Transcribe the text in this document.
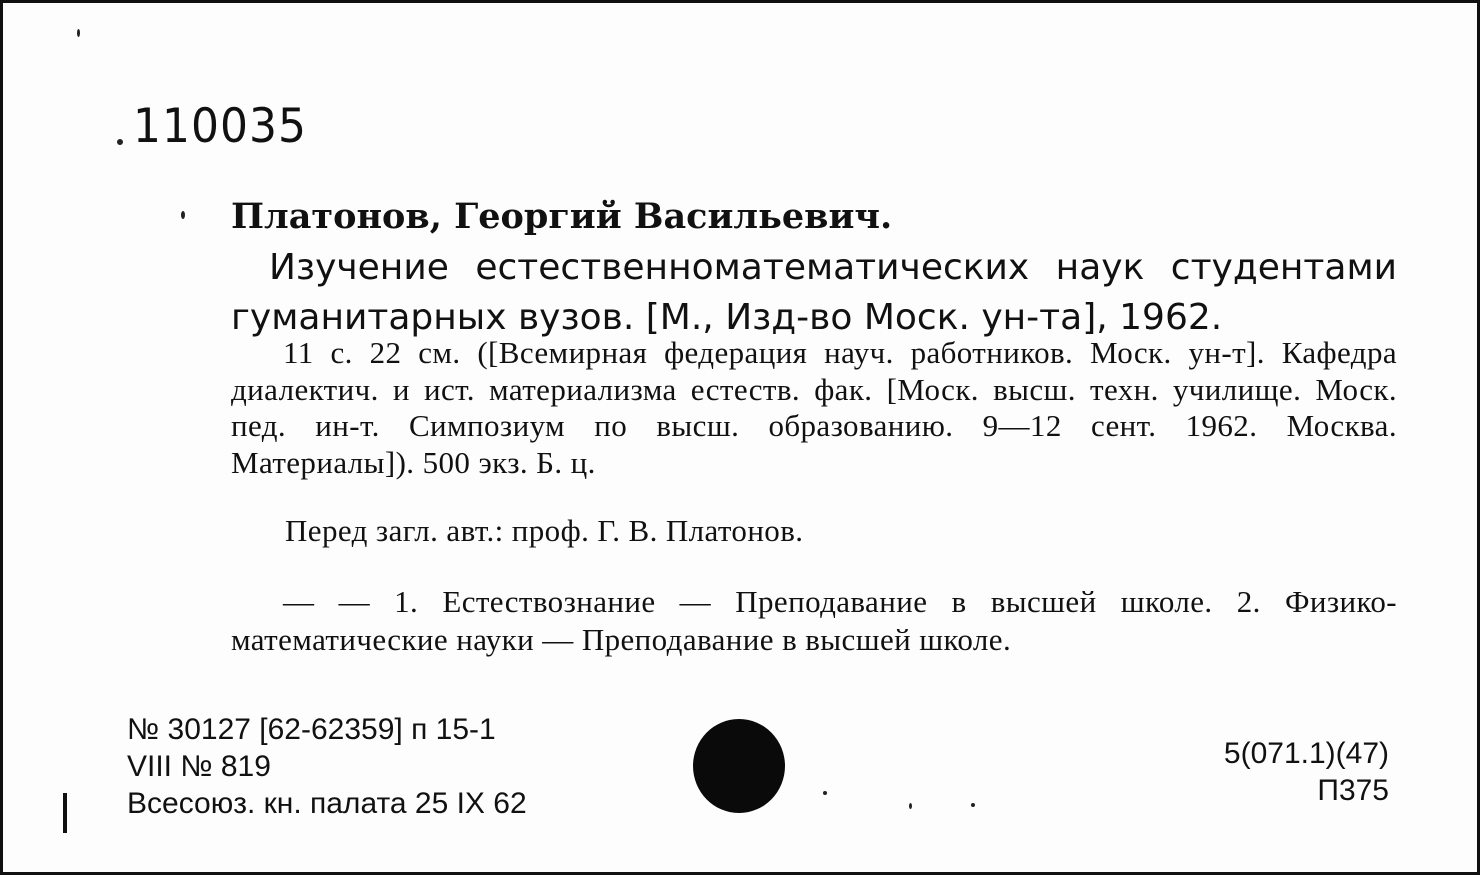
110035
Платонов, Георгий Васильевич.
Изучение естественноматематических наук студентами гуманитарных вузов. [М., Изд-во Моск. ун-та], 1962.
11 с. 22 см. ([Всемирная федерация науч. работников. Моск. ун-т]. Кафедра диалектич. и ист. материализма естеств. фак. [Моск. высш. техн. училище. Моск. пед. ин-т. Симпозиум по высш. образованию. 9—12 сент. 1962. Москва. Материалы]). 500 экз. Б. ц.
Перед загл. авт.: проф. Г. В. Платонов.
— — 1. Естествознание — Преподавание в высшей школе. 2. Физико-математические науки — Преподавание в высшей школе.
№ 30127 [62-62359] п 15-1
VIII № 819
Всесоюз. кн. палата 25 IX 62
5(071.1)(47)
П375
